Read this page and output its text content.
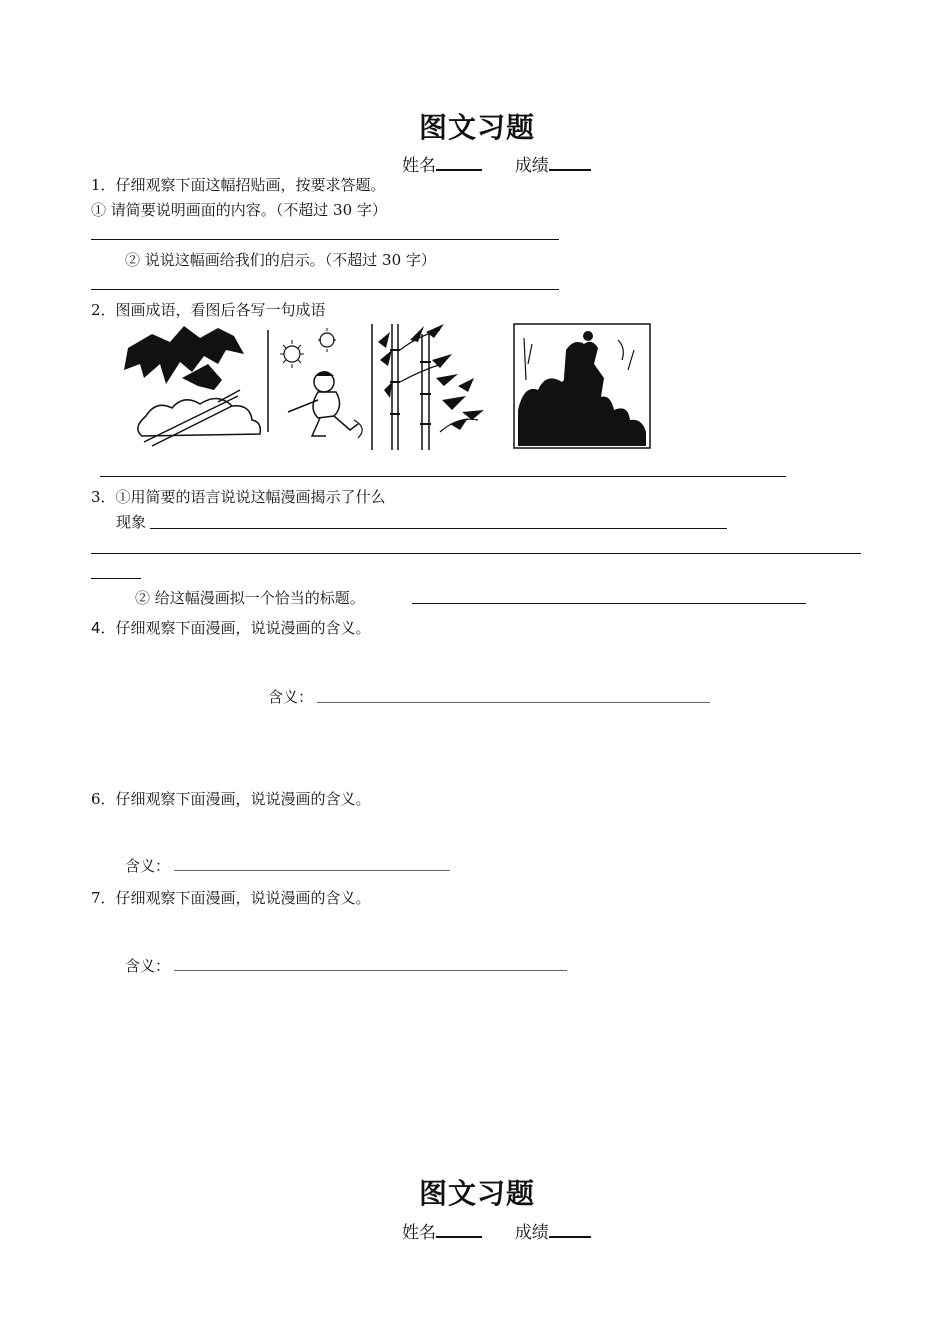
图文习题
姓名	成绩
1．仔细观察下面这幅招贴画，按要求答题。
① 请简要说明画面的内容。（不超过 30 字）
② 说说这幅画给我们的启示。（不超过 30 字）
2．图画成语，看图后各写一句成语
3．①用简要的语言说说这幅漫画揭示了什么
现象
② 给这幅漫画拟一个恰当的标题。
4．仔细观察下面漫画，说说漫画的含义。
含义：
6．仔细观察下面漫画，说说漫画的含义。
含义：
7．仔细观察下面漫画，说说漫画的含义。
含义：
图文习题
姓名	成绩
